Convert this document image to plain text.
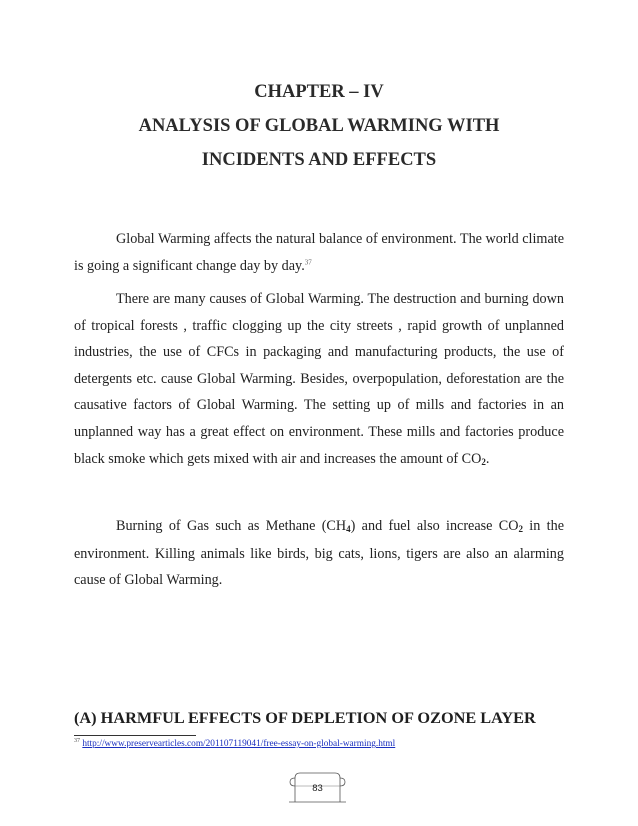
CHAPTER – IV
ANALYSIS OF GLOBAL WARMING WITH
INCIDENTS AND EFFECTS

Global Warming affects the natural balance of environment. The world climate is going a significant change day by day.$^{37}$

There are many causes of Global Warming. The destruction and burning down of tropical forests , traffic clogging up the city streets , rapid growth of unplanned industries, the use of CFCs in packaging and manufacturing products, the use of detergents etc. cause Global Warming. Besides, overpopulation, deforestation are the causative factors of Global Warming. The setting up of mills and factories in an unplanned way has a great effect on environment. These mills and factories produce black smoke which gets mixed with air and increases the amount of $CO_2$.

Burning of Gas such as Methane $(CH_4)$ and fuel also increase $CO_2$ in the environment. Killing animals like birds, big cats, lions, tigers are also an alarming cause of Global Warming.

(A) HARMFUL EFFECTS OF DEPLETION OF OZONE LAYER
$^{37}$ http://www.preservearticles.com/201107119041/free-essay-on-global-warming.html
83
